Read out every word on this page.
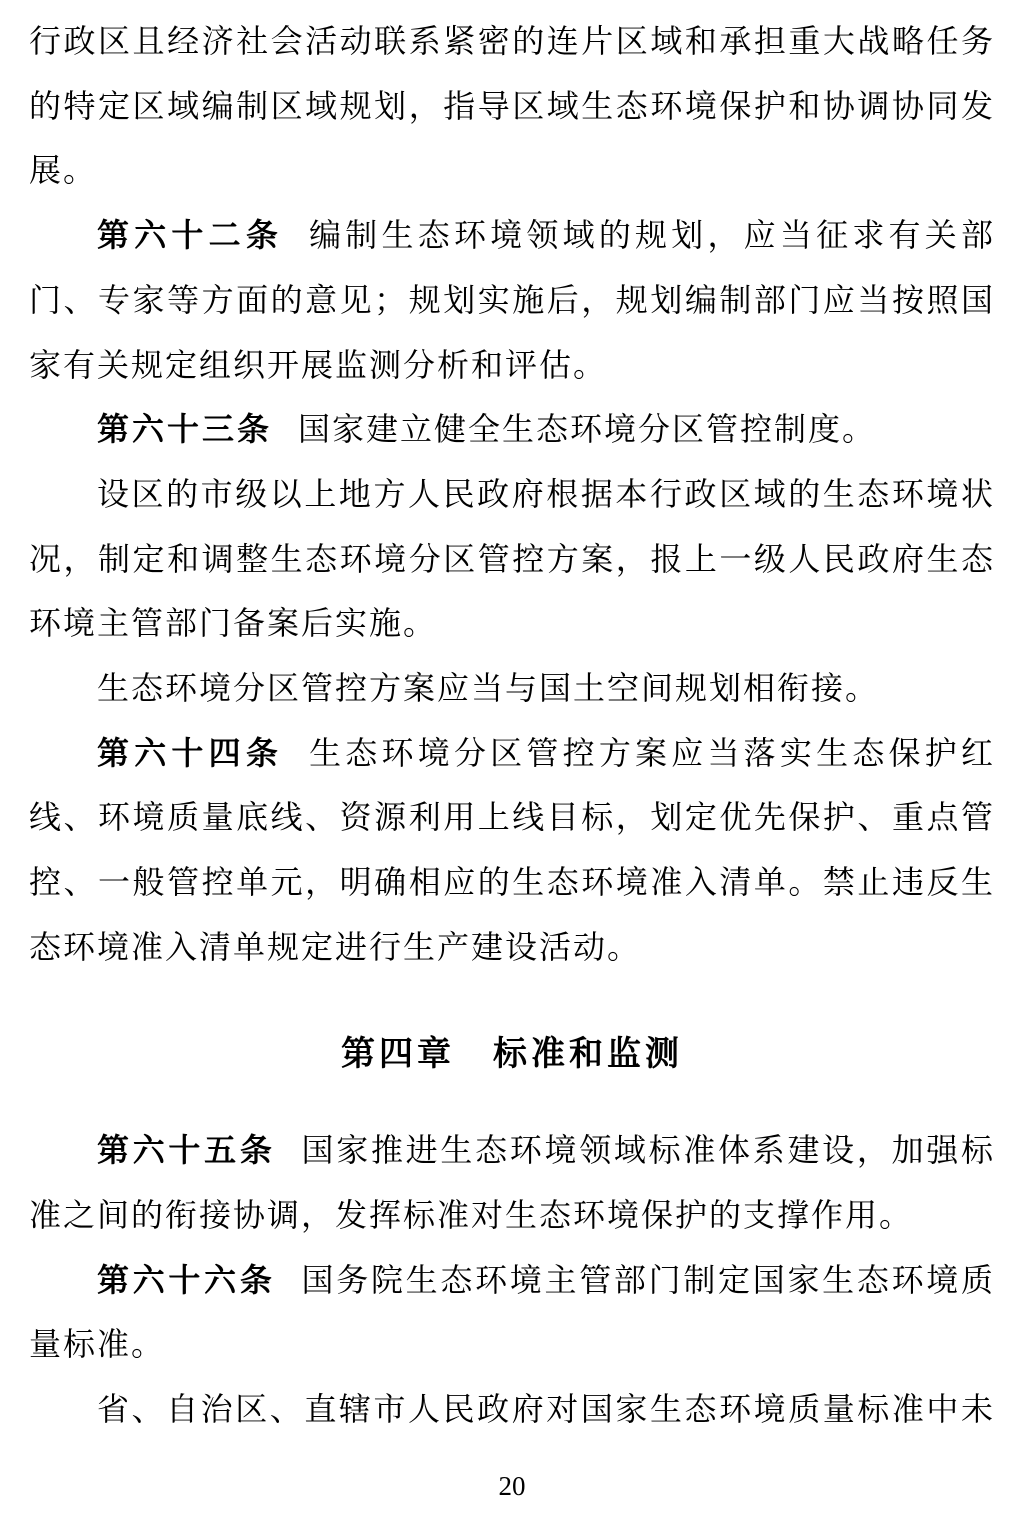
行政区且经济社会活动联系紧密的连片区域和承担重大战略任务
的特定区域编制区域规划，指导区域生态环境保护和协调协同发
展。
第六十二条 编制生态环境领域的规划，应当征求有关部
门、专家等方面的意见；规划实施后，规划编制部门应当按照国
家有关规定组织开展监测分析和评估。
第六十三条 国家建立健全生态环境分区管控制度。
设区的市级以上地方人民政府根据本行政区域的生态环境状
况，制定和调整生态环境分区管控方案，报上一级人民政府生态
环境主管部门备案后实施。
生态环境分区管控方案应当与国土空间规划相衔接。
第六十四条 生态环境分区管控方案应当落实生态保护红
线、环境质量底线、资源利用上线目标，划定优先保护、重点管
控、一般管控单元，明确相应的生态环境准入清单。禁止违反生
态环境准入清单规定进行生产建设活动。
第四章　标准和监测
第六十五条 国家推进生态环境领域标准体系建设，加强标
准之间的衔接协调，发挥标准对生态环境保护的支撑作用。
第六十六条 国务院生态环境主管部门制定国家生态环境质
量标准。
省、自治区、直辖市人民政府对国家生态环境质量标准中未
20
